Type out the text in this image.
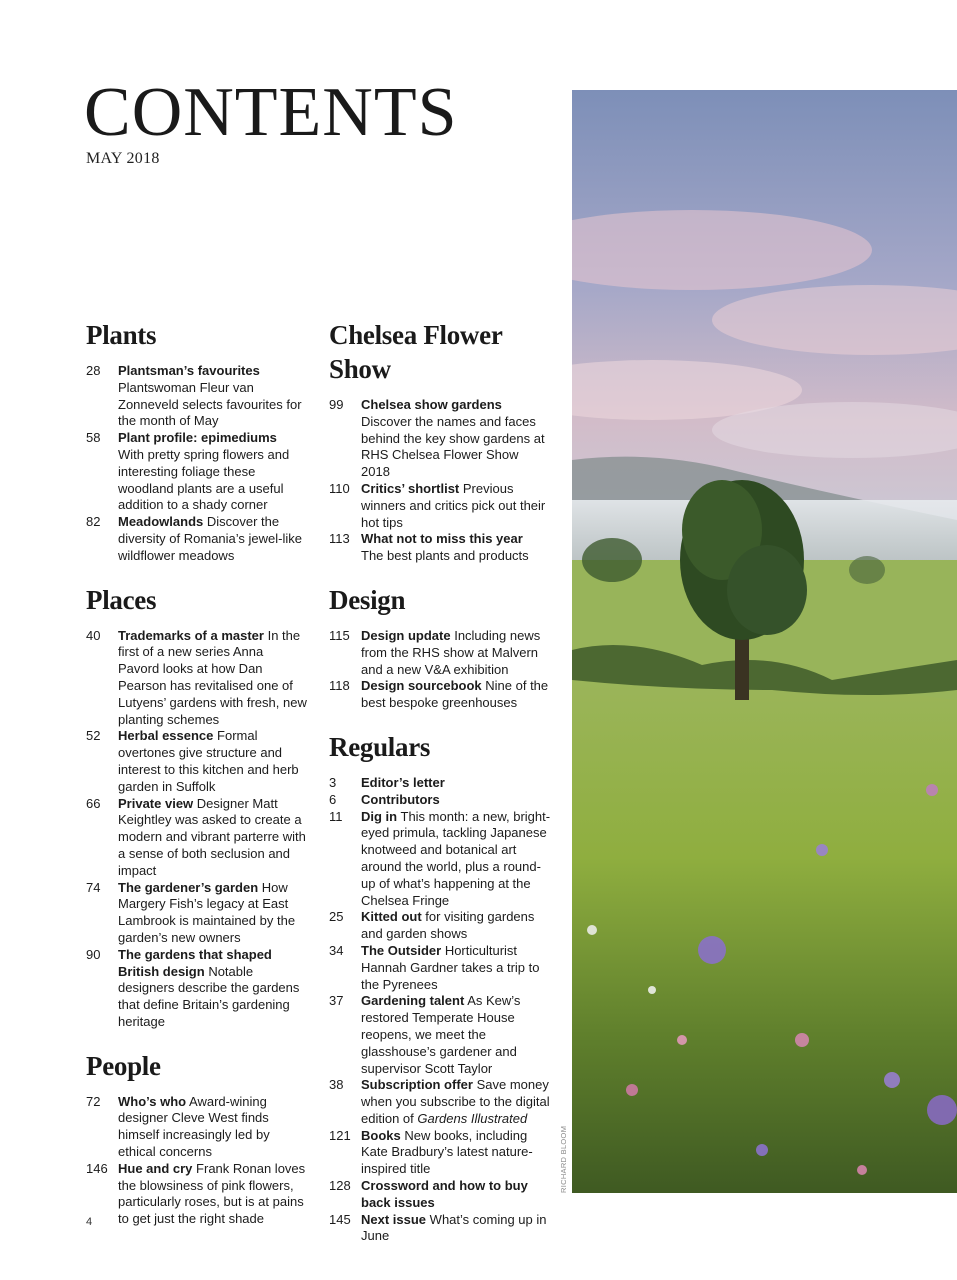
CONTENTS
MAY 2018
Plants
28	Plantsman’s favourites
Plantswoman Fleur van Zonneveld selects favourites for the month of May
58	Plant profile: epimediums
With pretty spring flowers and interesting foliage these woodland plants are a useful addition to a shady corner
82	Meadowlands Discover the diversity of Romania’s jewel-like wildflower meadows
Places
40	Trademarks of a master In the first of a new series Anna Pavord looks at how Dan Pearson has revitalised one of Lutyens’ gardens with fresh, new planting schemes
52	Herbal essence Formal overtones give structure and interest to this kitchen and herb garden in Suffolk
66	Private view Designer Matt Keightley was asked to create a modern and vibrant parterre with a sense of both seclusion and impact
74	The gardener’s garden How Margery Fish’s legacy at East Lambrook is maintained by the garden’s new owners
90	The gardens that shaped British design Notable designers describe the gardens that define Britain’s gardening heritage
People
72	Who’s who Award-wining designer Cleve West finds himself increasingly led by ethical concerns
146 Hue and cry Frank Ronan loves the blowsiness of pink flowers, particularly roses, but is at pains to get just the right shade
Chelsea Flower Show
99	Chelsea show gardens
Discover the names and faces behind the key show gardens at RHS Chelsea Flower Show 2018
110 Critics’ shortlist Previous winners and critics pick out their hot tips
113 What not to miss this year
The best plants and products
Design
115 Design update Including news from the RHS show at Malvern and a new V&A exhibition
118 Design sourcebook Nine of the best bespoke greenhouses
Regulars
3	Editor’s letter
6	Contributors
11	Dig in This month: a new, bright-eyed primula, tackling Japanese knotweed and botanical art around the world, plus a round-up of what’s happening at the Chelsea Fringe
25	Kitted out for visiting gardens and garden shows
34	The Outsider Horticulturist Hannah Gardner takes a trip to the Pyrenees
37	Gardening talent As Kew’s restored Temperate House reopens, we meet the glasshouse’s gardener and supervisor Scott Taylor
38	Subscription offer Save money when you subscribe to the digital edition of Gardens Illustrated
121 Books New books, including Kate Bradbury’s latest nature-inspired title
128 Crossword and how to buy back issues
145 Next issue What’s coming up in June
RICHARD BLOOM
4
